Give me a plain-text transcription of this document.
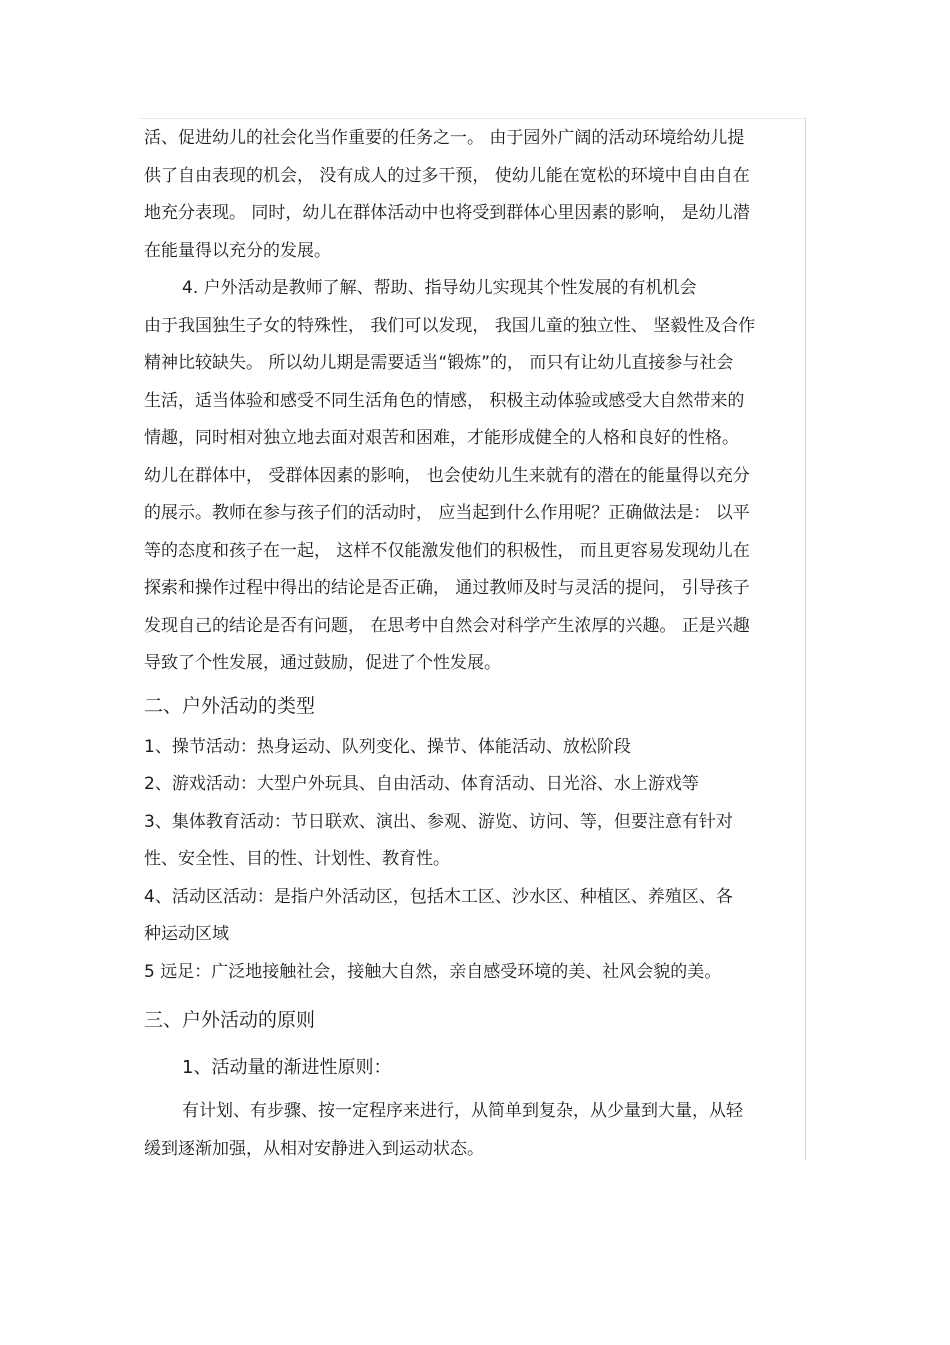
活、促进幼儿的社会化当作重要的任务之一。 由于园外广阔的活动环境给幼儿提
供了自由表现的机会， 没有成人的过多干预， 使幼儿能在宽松的环境中自由自在
地充分表现。 同时，幼儿在群体活动中也将受到群体心里因素的影响， 是幼儿潜
在能量得以充分的发展。
4. 户外活动是教师了解、帮助、指导幼儿实现其个性发展的有机机会
由于我国独生子女的特殊性， 我们可以发现， 我国儿童的独立性、 坚毅性及合作
精神比较缺失。 所以幼儿期是需要适当“锻炼”的， 而只有让幼儿直接参与社会
生活，适当体验和感受不同生活角色的情感， 积极主动体验或感受大自然带来的
情趣，同时相对独立地去面对艰苦和困难，才能形成健全的人格和良好的性格。
幼儿在群体中， 受群体因素的影响， 也会使幼儿生来就有的潜在的能量得以充分
的展示。教师在参与孩子们的活动时， 应当起到什么作用呢？正确做法是： 以平
等的态度和孩子在一起， 这样不仅能激发他们的积极性， 而且更容易发现幼儿在
探索和操作过程中得出的结论是否正确， 通过教师及时与灵活的提问， 引导孩子
发现自己的结论是否有问题， 在思考中自然会对科学产生浓厚的兴趣。 正是兴趣
导致了个性发展，通过鼓励，促进了个性发展。
二、户外活动的类型
1、操节活动：热身运动、队列变化、操节、体能活动、放松阶段
2、游戏活动：大型户外玩具、自由活动、体育活动、日光浴、水上游戏等
3、集体教育活动：节日联欢、演出、参观、游览、访问、等，但要注意有针对
性、安全性、目的性、计划性、教育性。
4、活动区活动：是指户外活动区，包括木工区、沙水区、种植区、养殖区、各
种运动区域
5 远足：广泛地接触社会，接触大自然，亲自感受环境的美、社风会貌的美。
三、户外活动的原则
1、活动量的渐进性原则：
有计划、有步骤、按一定程序来进行，从简单到复杂，从少量到大量，从轻
缓到逐渐加强，从相对安静进入到运动状态。
